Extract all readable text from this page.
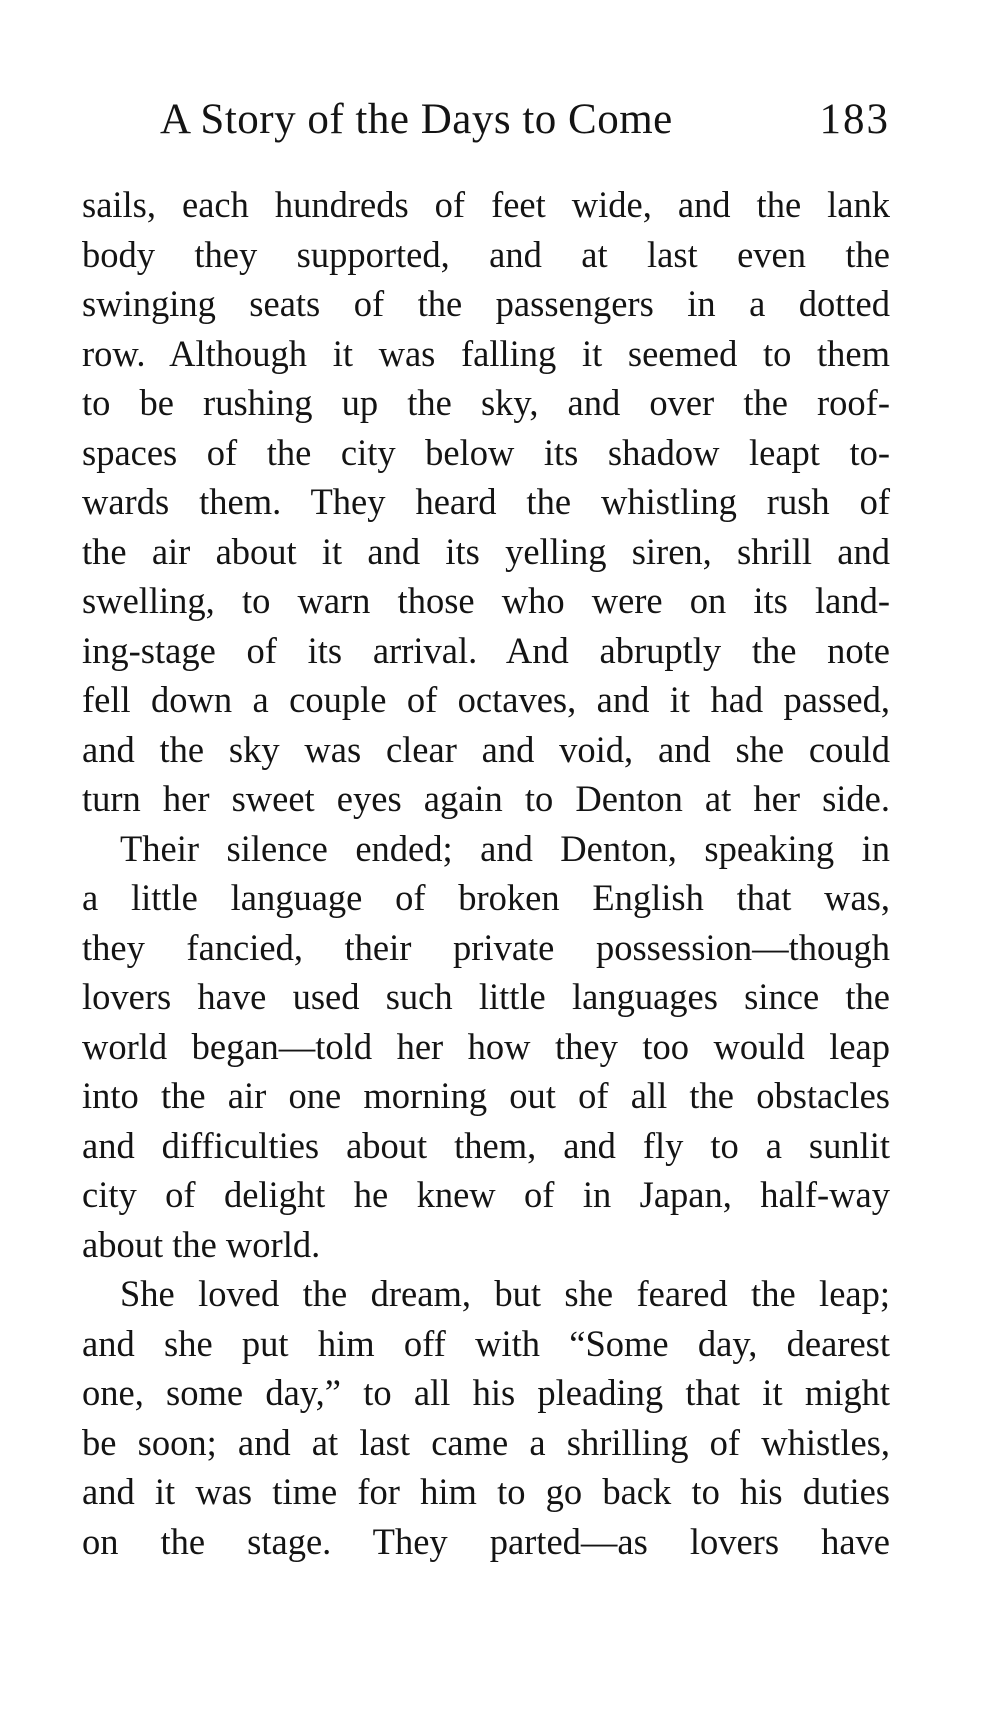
A Story of the Days to Come	183
sails, each hundreds of feet wide, and the lank
body they supported, and at last even the
swinging seats of the passengers in a dotted
row. Although it was falling it seemed to them
to be rushing up the sky, and over the roof-
spaces of the city below its shadow leapt to-
wards them. They heard the whistling rush of
the air about it and its yelling siren, shrill and
swelling, to warn those who were on its land-
ing-stage of its arrival. And abruptly the note
fell down a couple of octaves, and it had passed,
and the sky was clear and void, and she could
turn her sweet eyes again to Denton at her side.
Their silence ended; and Denton, speaking in
a little language of broken English that was,
they fancied, their private possession—though
lovers have used such little languages since the
world began—told her how they too would leap
into the air one morning out of all the obstacles
and difficulties about them, and fly to a sunlit
city of delight he knew of in Japan, half-way
about the world.
She loved the dream, but she feared the leap;
and she put him off with “Some day, dearest
one, some day,” to all his pleading that it might
be soon; and at last came a shrilling of whistles,
and it was time for him to go back to his duties
on the stage. They parted—as lovers have
